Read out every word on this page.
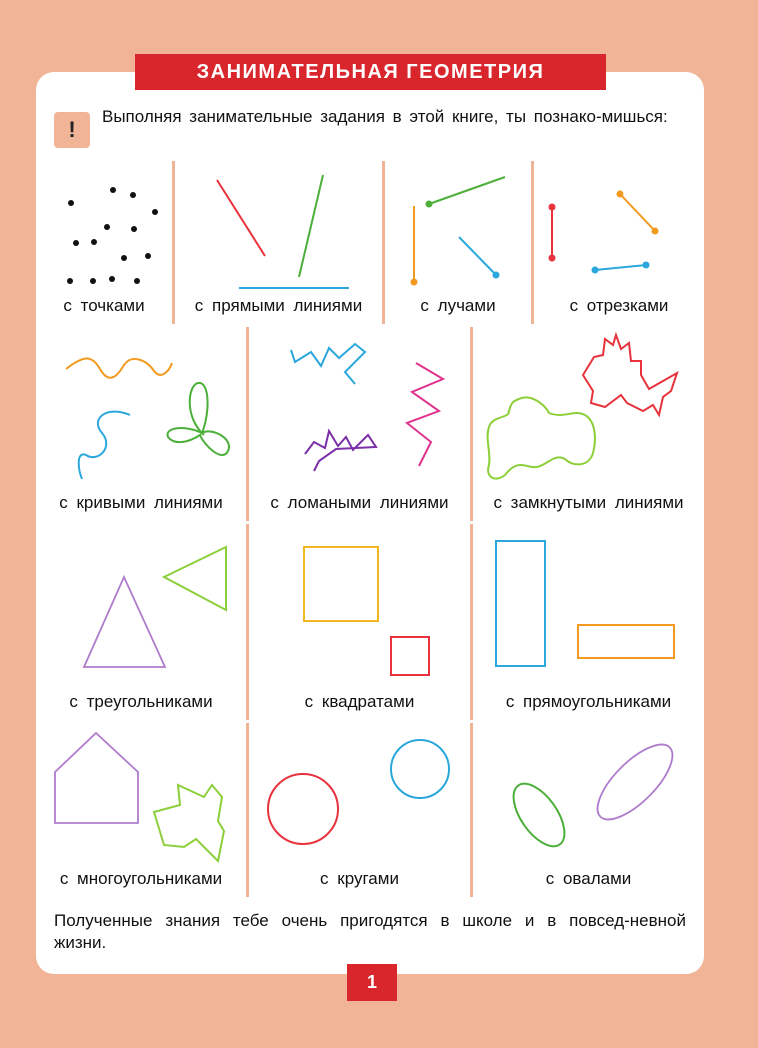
ЗАНИМАТЕЛЬНАЯ ГЕОМЕТРИЯ
!
Выполняя занимательные задания в этой книге, ты познако-мишься:
с точками	с прямыми линиями	с лучами	с отрезками
с кривыми линиями	с ломаными линиями	с замкнутыми линиями
с треугольниками	с квадратами	с прямоугольниками
с многоугольниками	с кругами	с овалами
Полученные знания тебе очень пригодятся в школе и в повсед-невной жизни.
1
